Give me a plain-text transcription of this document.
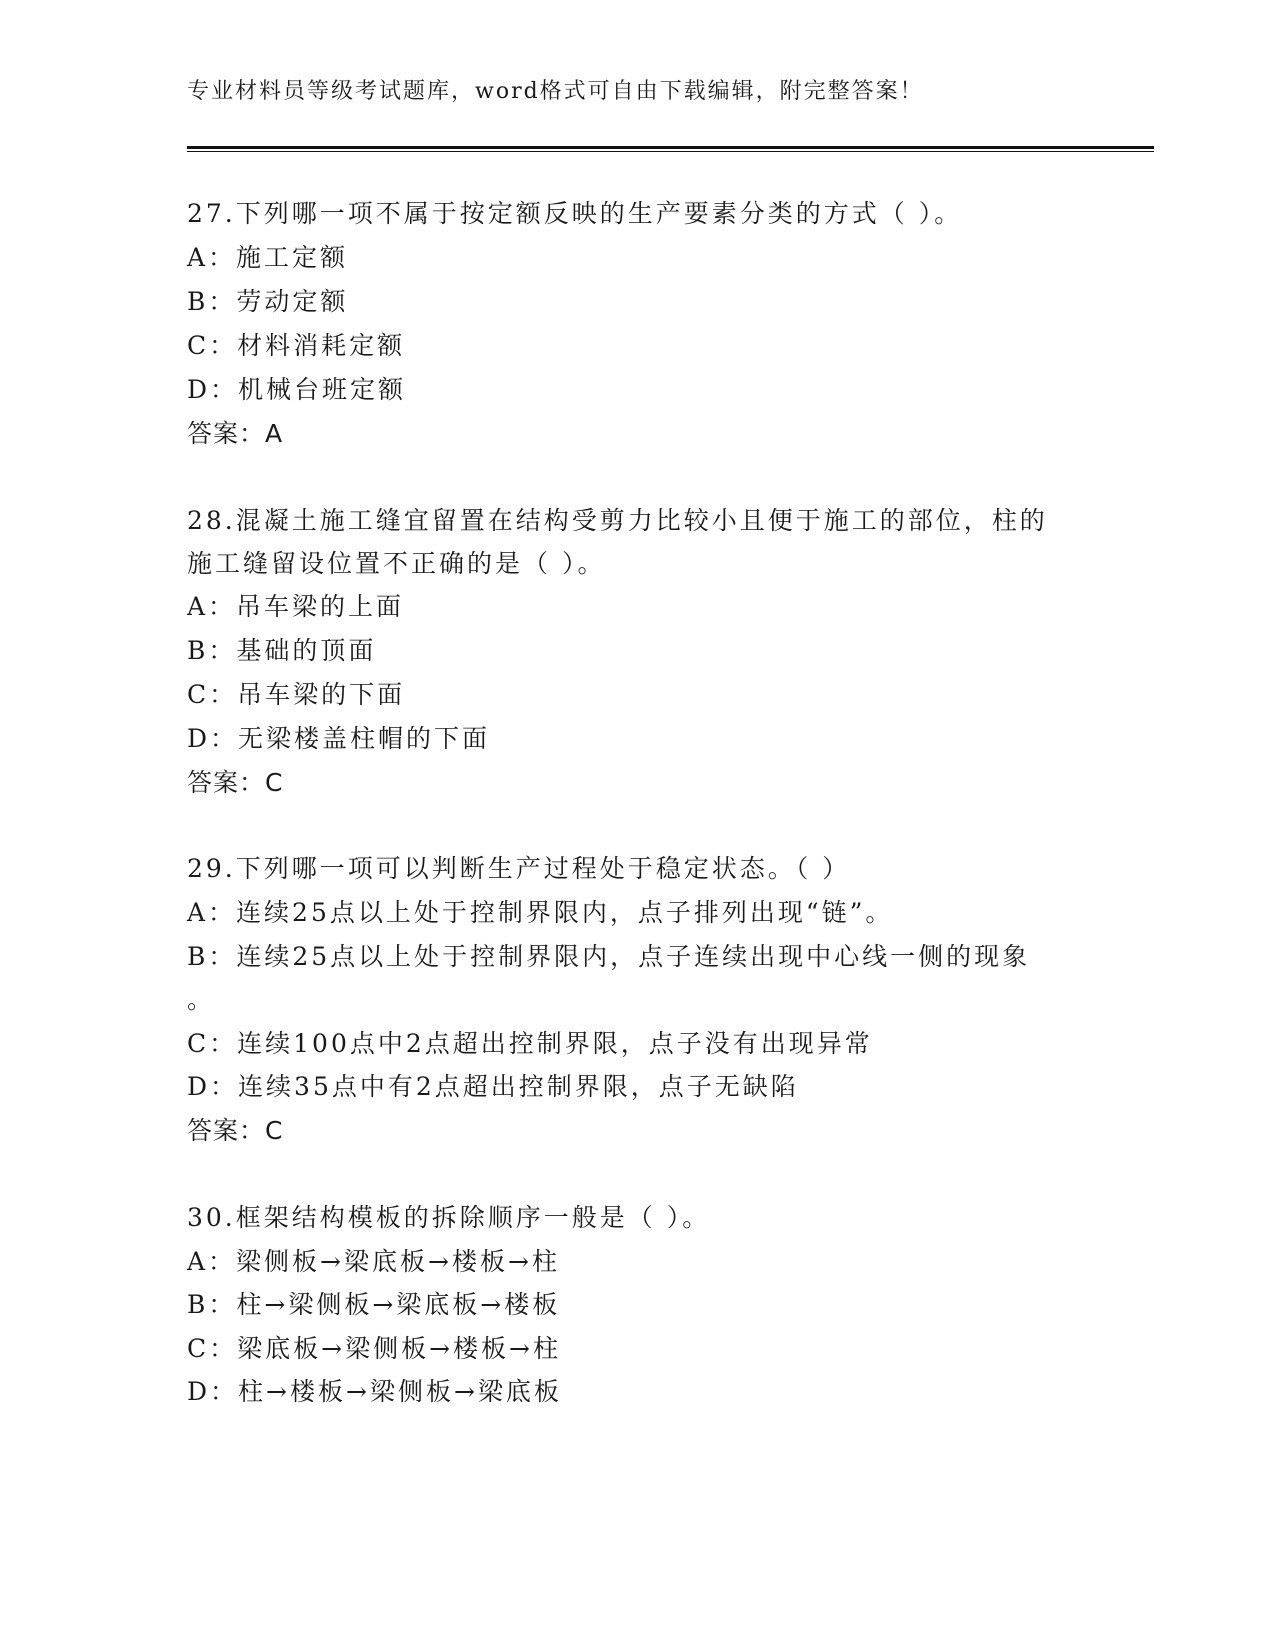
专业材料员等级考试题库，word格式可自由下载编辑，附完整答案！
27.下列哪一项不属于按定额反映的生产要素分类的方式（ ）。
A：施工定额
B：劳动定额
C：材料消耗定额
D：机械台班定额
答案：A
28.混凝土施工缝宜留置在结构受剪力比较小且便于施工的部位，柱的
施工缝留设位置不正确的是（ ）。
A：吊车梁的上面
B：基础的顶面
C：吊车梁的下面
D：无梁楼盖柱帽的下面
答案：C
29.下列哪一项可以判断生产过程处于稳定状态。（ ）
A：连续25点以上处于控制界限内，点子排列出现“链”。
B：连续25点以上处于控制界限内，点子连续出现中心线一侧的现象
。
C：连续100点中2点超出控制界限，点子没有出现异常
D：连续35点中有2点超出控制界限，点子无缺陷
答案：C
30.框架结构模板的拆除顺序一般是（ ）。
A：梁侧板→梁底板→楼板→柱
B：柱→梁侧板→梁底板→楼板
C：梁底板→梁侧板→楼板→柱
D：柱→楼板→梁侧板→梁底板
